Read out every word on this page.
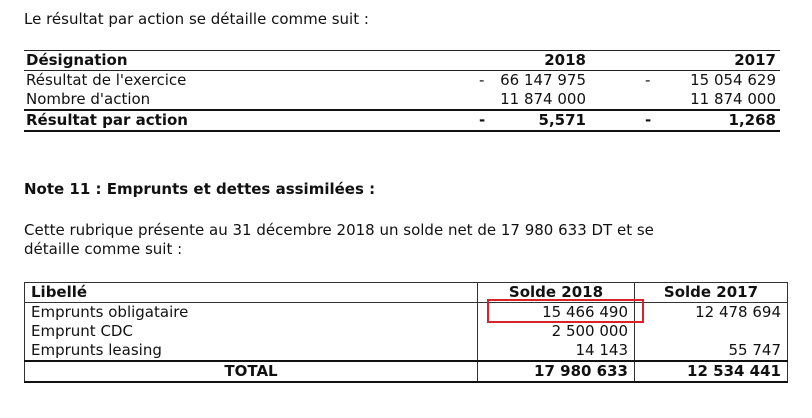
Le résultat par action se détaille comme suit :
Désignation	2018	2017
Résultat de l'exercice	- 66 147 975	-	15 054 629
Nombre d'action	11 874 000	11 874 000
Résultat par action	-	5,571	-	1,268
Note 11 : Emprunts et dettes assimilées :
Cette rubrique présente au 31 décembre 2018 un solde net de 17 980 633 DT et se
détaille comme suit :
Libellé	Solde 2018	Solde 2017
Emprunts obligataire	15 466 490	12 478 694
Emprunt CDC	2 500 000	
Emprunts leasing	14 143	55 747
TOTAL	17 980 633	12 534 441
